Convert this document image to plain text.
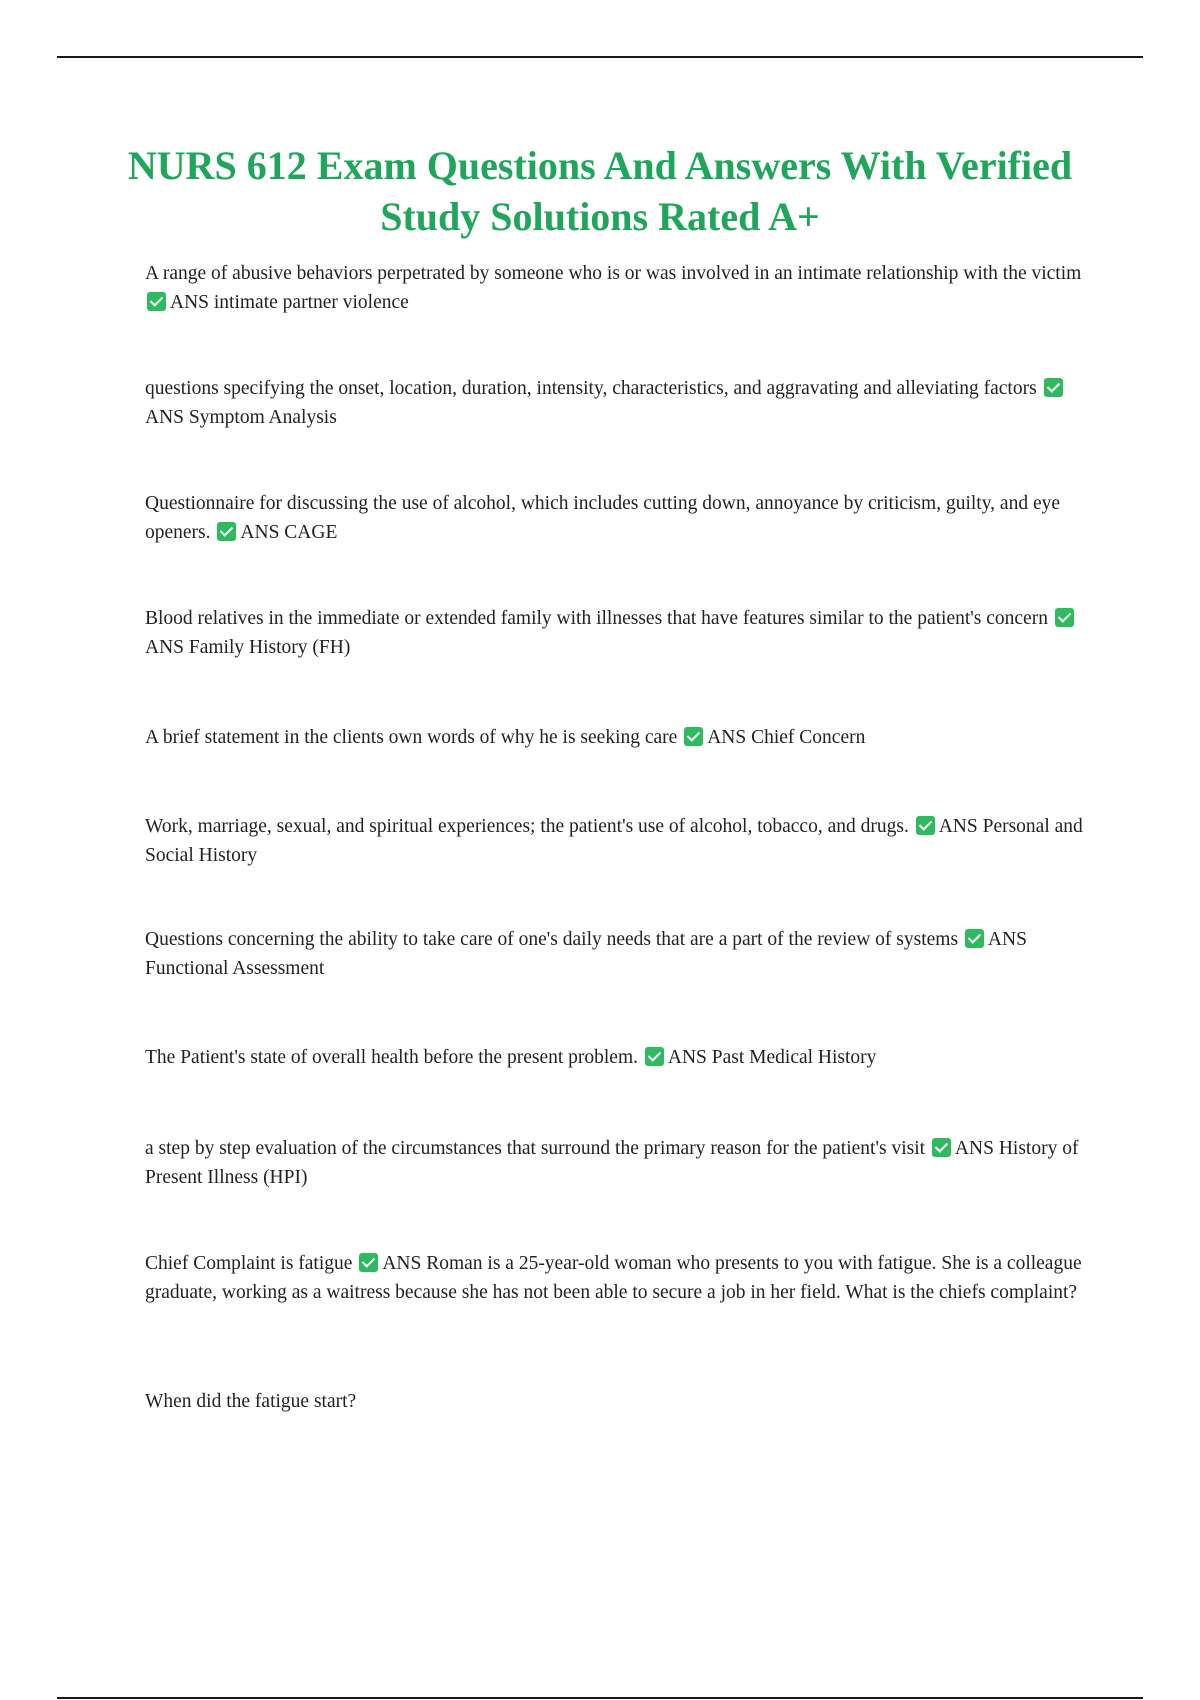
NURS 612 Exam Questions And Answers With Verified Study Solutions Rated A+
A range of abusive behaviors perpetrated by someone who is or was involved in an intimate relationship with the victim ANS intimate partner violence
questions specifying the onset, location, duration, intensity, characteristics, and aggravating and alleviating factors ANS Symptom Analysis
Questionnaire for discussing the use of alcohol, which includes cutting down, annoyance by criticism, guilty, and eye openers. ANS CAGE
Blood relatives in the immediate or extended family with illnesses that have features similar to the patient's concern ANS Family History (FH)
A brief statement in the clients own words of why he is seeking care ANS Chief Concern
Work, marriage, sexual, and spiritual experiences; the patient's use of alcohol, tobacco, and drugs. ANS Personal and Social History
Questions concerning the ability to take care of one's daily needs that are a part of the review of systems ANS Functional Assessment
The Patient's state of overall health before the present problem. ANS Past Medical History
a step by step evaluation of the circumstances that surround the primary reason for the patient's visit ANS History of Present Illness (HPI)
Chief Complaint is fatigue ANS Roman is a 25-year-old woman who presents to you with fatigue. She is a colleague graduate, working as a waitress because she has not been able to secure a job in her field. What is the chiefs complaint?
When did the fatigue start?
